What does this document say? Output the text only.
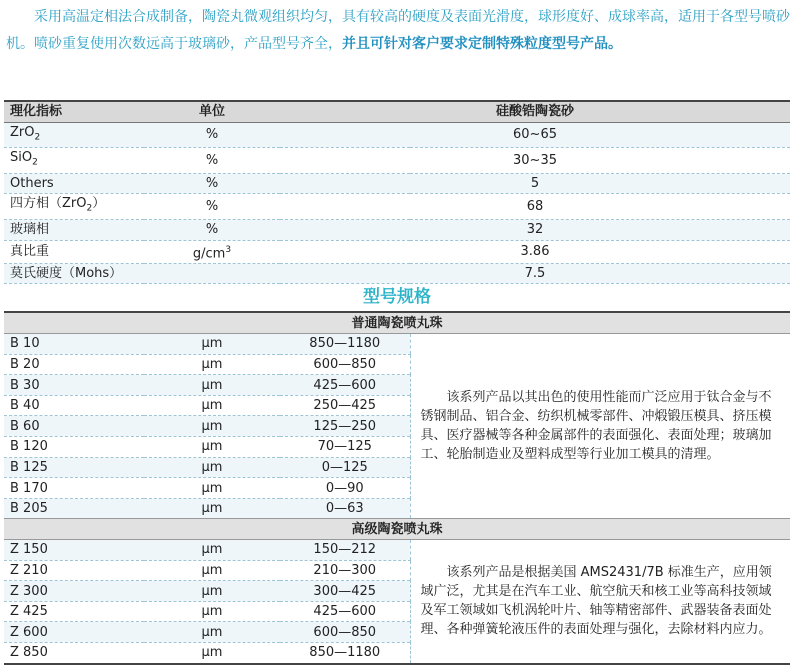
采用高温定相法合成制备，陶瓷丸微观组织均匀，具有较高的硬度及表面光滑度，球形度好、成球率高，适用于各型号喷砂机。喷砂重复使用次数远高于玻璃砂，产品型号齐全，并且可针对客户要求定制特殊粒度型号产品。

理化指标	单位	硅酸锆陶瓷砂
ZrO$_2$	%	60~65
SiO$_2$	%	30~35
Others	%	5
四方相（ZrO$_2$）	%	68
玻璃相	%	32
真比重	$g/cm^3$	3.86
莫氏硬度（Mohs）		7.5
型号规格			
普通陶瓷喷丸珠			
B 10	μm	850—1180	该系列产品以其出色的使用性能而广泛应用于钛合金与不锈钢制品、铝合金、纺织机械零部件、冲煅锻压模具、挤压模具、医疗器械等各种金属部件的表面强化、表面处理；玻璃加工、轮胎制造业及塑料成型等行业加工模具的清理。
B 20	μm	600—850	
B 30	μm	425—600	
B 40	μm	250—425	
B 60	μm	125—250	
B 120	μm	70—125	
B 125	μm	0—125	
B 170	μm	0—90	
B 205	μm	0—63	
高级陶瓷喷丸珠			
Z 150	μm	150—212	该系列产品是根据美国 AMS2431/7B 标准生产，应用领域广泛，尤其是在汽车工业、航空航天和核工业等高科技领域及军工领域如飞机涡轮叶片、轴等精密部件、武器装备表面处理、各种弹簧轮液压件的表面处理与强化，去除材料内应力。
Z 210	μm	210—300	
Z 300	μm	300—425	
Z 425	μm	425—600	
Z 600	μm	600—850	
Z 850	μm	850—1180	
